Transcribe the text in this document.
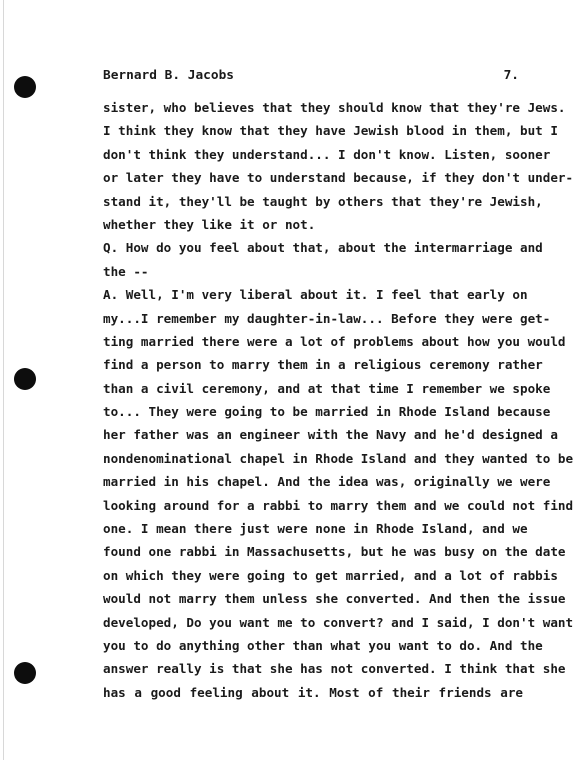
Bernard B. Jacobs	7.
sister, who believes that they should know that they're Jews.
I think they know that they have Jewish blood in them, but I
don't think they understand... I don't know. Listen, sooner
or later they have to understand because, if they don't under-
stand it, they'll be taught by others that they're Jewish,
whether they like it or not.
Q. How do you feel about that, about the intermarriage and
the --
A. Well, I'm very liberal about it. I feel that early on
my...I remember my daughter-in-law... Before they were get-
ting married there were a lot of problems about how you would
find a person to marry them in a religious ceremony rather
than a civil ceremony, and at that time I remember we spoke
to... They were going to be married in Rhode Island because
her father was an engineer with the Navy and he'd designed a
nondenominational chapel in Rhode Island and they wanted to be
married in his chapel. And the idea was, originally we were
looking around for a rabbi to marry them and we could not find
one. I mean there just were none in Rhode Island, and we
found one rabbi in Massachusetts, but he was busy on the date
on which they were going to get married, and a lot of rabbis
would not marry them unless she converted. And then the issue
developed, Do you want me to convert? and I said, I don't want
you to do anything other than what you want to do. And the
answer really is that she has not converted. I think that she
has a good feeling about it. Most of their friends are
